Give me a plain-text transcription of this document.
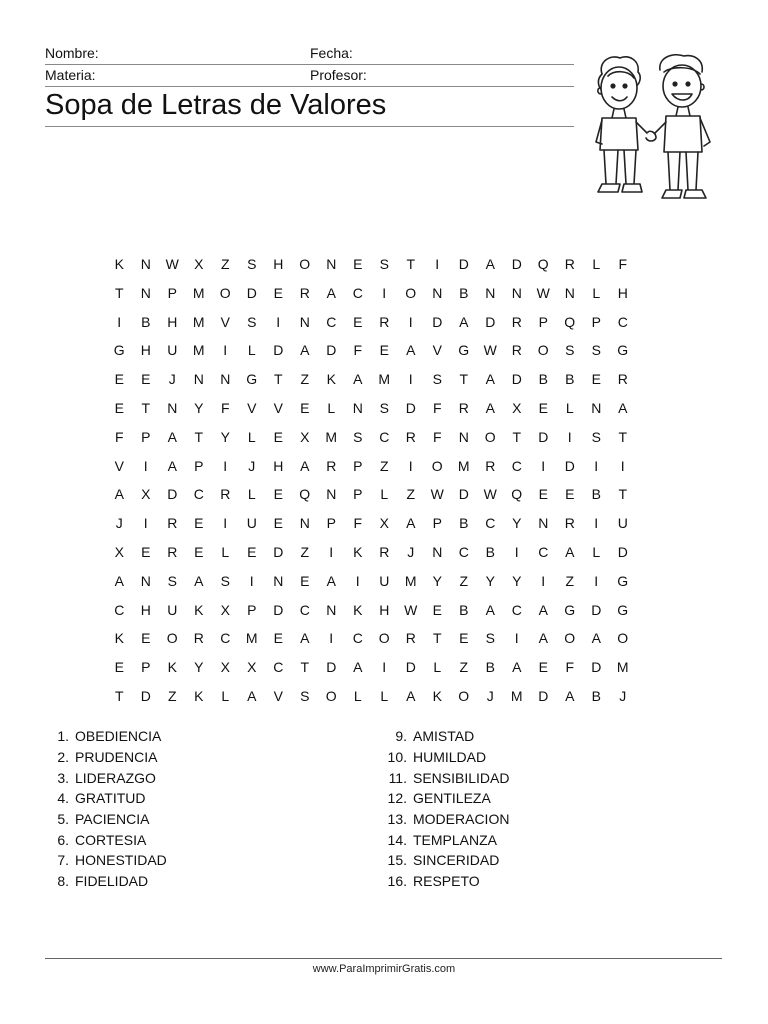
Nombre:	Fecha:
Materia:	Profesor:
Sopa de Letras de Valores
K	N	W	X	Z	S	H	O	N	E	S	T	I	D	A	D	Q	R	L	F
T	N	P	M	O	D	E	R	A	C	I	O	N	B	N	N	W	N	L	H
I	B	H	M	V	S	I	N	C	E	R	I	D	A	D	R	P	Q	P	C
G	H	U	M	I	L	D	A	D	F	E	A	V	G	W	R	O	S	S	G
E	E	J	N	N	G	T	Z	K	A	M	I	S	T	A	D	B	B	E	R
E	T	N	Y	F	V	V	E	L	N	S	D	F	R	A	X	E	L	N	A
F	P	A	T	Y	L	E	X	M	S	C	R	F	N	O	T	D	I	S	T
V	I	A	P	I	J	H	A	R	P	Z	I	O	M	R	C	I	D	I	I
A	X	D	C	R	L	E	Q	N	P	L	Z	W	D	W	Q	E	E	B	T
J	I	R	E	I	U	E	N	P	F	X	A	P	B	C	Y	N	R	I	U
X	E	R	E	L	E	D	Z	I	K	R	J	N	C	B	I	C	A	L	D
A	N	S	A	S	I	N	E	A	I	U	M	Y	Z	Y	Y	I	Z	I	G
C	H	U	K	X	P	D	C	N	K	H	W	E	B	A	C	A	G	D	G
K	E	O	R	C	M	E	A	I	C	O	R	T	E	S	I	A	O	A	O
E	P	K	Y	X	X	C	T	D	A	I	D	L	Z	B	A	E	F	D	M
T	D	Z	K	L	A	V	S	O	L	L	A	K	O	J	M	D	A	B	J
1. OBEDIENCIA
2. PRUDENCIA
3. LIDERAZGO
4. GRATITUD
5. PACIENCIA
6. CORTESIA
7. HONESTIDAD
8. FIDELIDAD
9. AMISTAD
10. HUMILDAD
11. SENSIBILIDAD
12. GENTILEZA
13. MODERACION
14. TEMPLANZA
15. SINCERIDAD
16. RESPETO
www.ParaImprimirGratis.com
